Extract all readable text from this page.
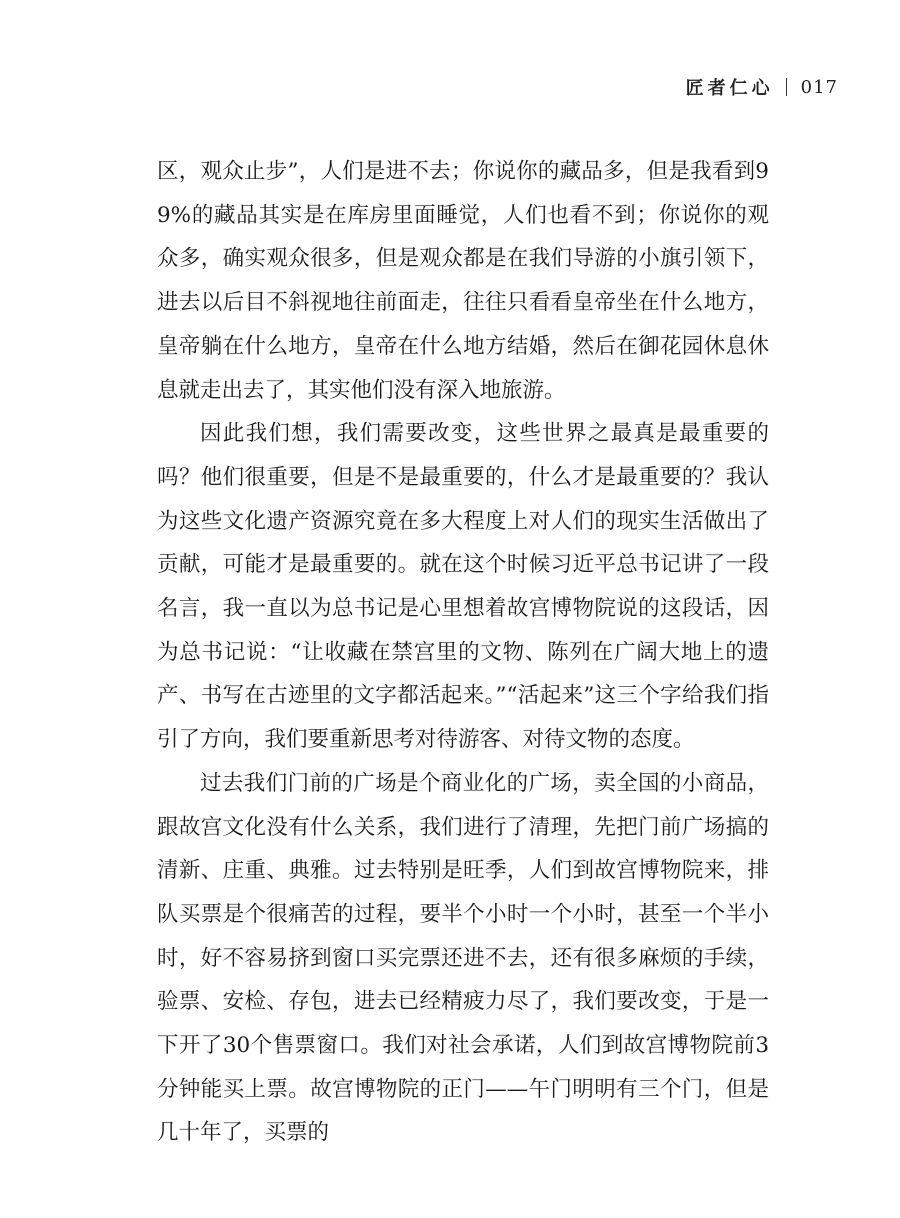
匠者仁心 017

区，观众止步”，人们是进不去；你说你的藏品多，但是我看到99%的藏品其实是在库房里面睡觉，人们也看不到；你说你的观众多，确实观众很多，但是观众都是在我们导游的小旗引领下，进去以后目不斜视地往前面走，往往只看看皇帝坐在什么地方，皇帝躺在什么地方，皇帝在什么地方结婚，然后在御花园休息休息就走出去了，其实他们没有深入地旅游。

因此我们想，我们需要改变，这些世界之最真是最重要的吗？他们很重要，但是不是最重要的，什么才是最重要的？我认为这些文化遗产资源究竟在多大程度上对人们的现实生活做出了贡献，可能才是最重要的。就在这个时候习近平总书记讲了一段名言，我一直以为总书记是心里想着故宫博物院说的这段话，因为总书记说：“让收藏在禁宫里的文物、陈列在广阔大地上的遗产、书写在古迹里的文字都活起来。”“活起来”这三个字给我们指引了方向，我们要重新思考对待游客、对待文物的态度。

过去我们门前的广场是个商业化的广场，卖全国的小商品，跟故宫文化没有什么关系，我们进行了清理，先把门前广场搞的清新、庄重、典雅。过去特别是旺季，人们到故宫博物院来，排队买票是个很痛苦的过程，要半个小时一个小时，甚至一个半小时，好不容易挤到窗口买完票还进不去，还有很多麻烦的手续，验票、安检、存包，进去已经精疲力尽了，我们要改变，于是一下开了30个售票窗口。我们对社会承诺，人们到故宫博物院前3分钟能买上票。故宫博物院的正门——午门明明有三个门，但是几十年了，买票的
